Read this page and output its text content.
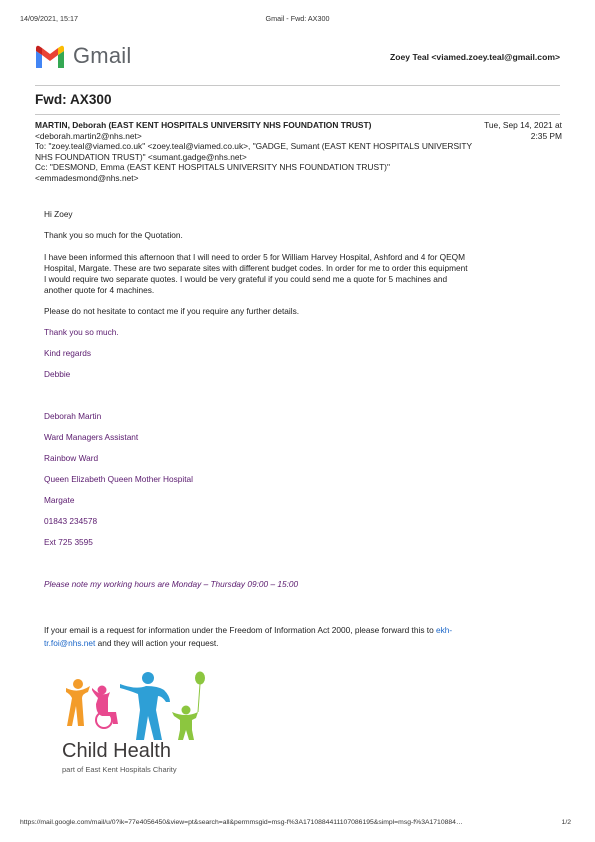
14/09/2021, 15:17	Gmail - Fwd: AX300
Gmail	Zoey Teal <viamed.zoey.teal@gmail.com>
Fwd: AX300
MARTIN, Deborah (EAST KENT HOSPITALS UNIVERSITY NHS FOUNDATION TRUST)
<deborah.martin2@nhs.net>
Tue, Sep 14, 2021 at
2:35 PM
To: "zoey.teal@viamed.co.uk" <zoey.teal@viamed.co.uk>, "GADGE, Sumant (EAST KENT HOSPITALS UNIVERSITY
NHS FOUNDATION TRUST)" <sumant.gadge@nhs.net>
Cc: "DESMOND, Emma (EAST KENT HOSPITALS UNIVERSITY NHS FOUNDATION TRUST)"
<emmadesmond@nhs.net>
Hi Zoey
Thank you so much for the Quotation.
I have been informed this afternoon that I will need to order 5 for William Harvey Hospital, Ashford and 4 for QEQM
Hospital, Margate. These are two separate sites with different budget codes. In order for me to order this equipment
I would require two separate quotes. I would be very grateful if you could send me a quote for 5 machines and
another quote for 4 machines.
Please do not hesitate to contact me if you require any further details.
Thank you so much.
Kind regards
Debbie
Deborah Martin
Ward Managers Assistant
Rainbow Ward
Queen Elizabeth Queen Mother Hospital
Margate
01843 234578
Ext 725 3595
Please note my working hours are Monday – Thursday 09:00 – 15:00
If your email is a request for information under the Freedom of Information Act 2000, please forward this to ekh-
tr.foi@nhs.net and they will action your request.
Child Health
part of East Kent Hospitals Charity
https://mail.google.com/mail/u/0?ik=77e4056450&view=pt&search=all&permmsgid=msg-f%3A1710884411107086195&simpl=msg-f%3A1710884…	1/2
